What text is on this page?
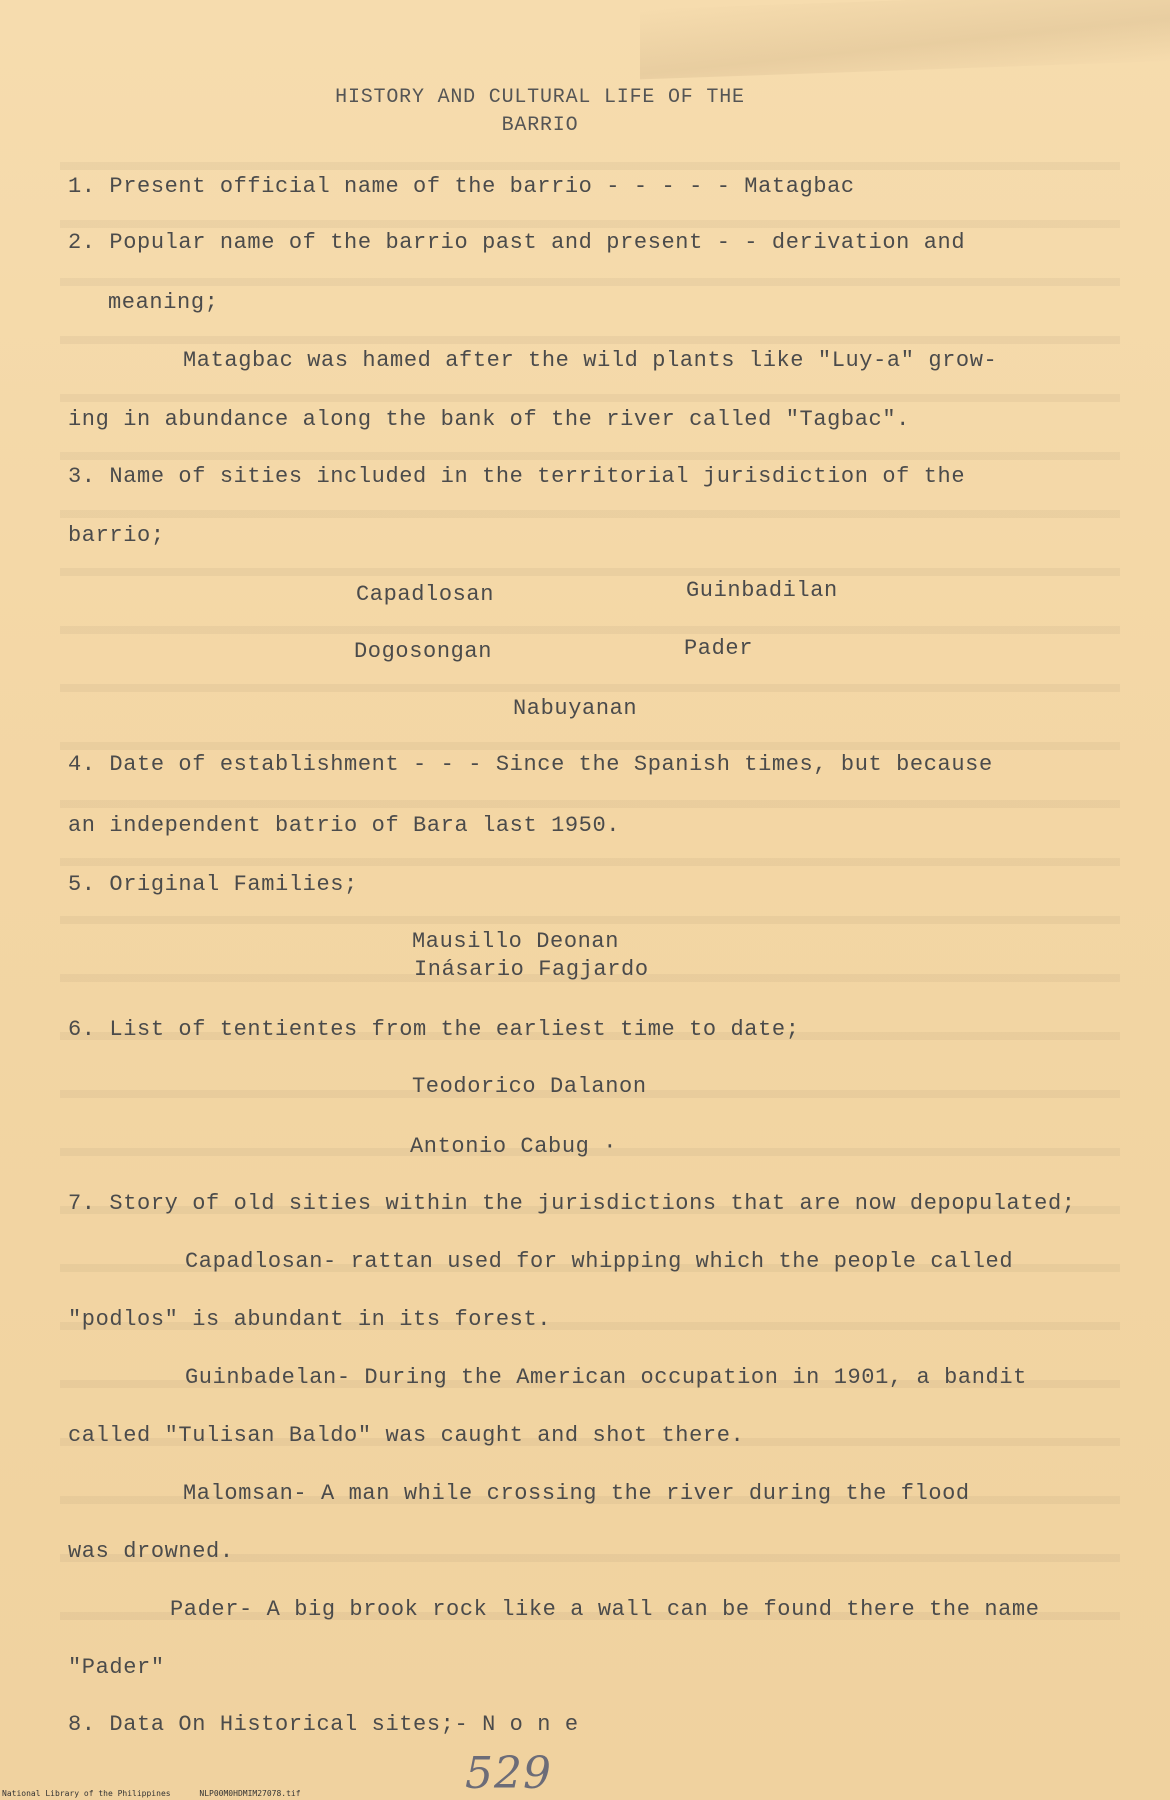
HISTORY AND CULTURAL LIFE OF THE
BARRIO
1. Present official name of the barrio - - - - - Matagbac
2. Popular name of the barrio past and present - - derivation and
meaning;
Matagbac was hamed after the wild plants like "Luy-a" grow-
ing in abundance along the bank of the river called "Tagbac".
3. Name of sities included in the territorial jurisdiction of the
barrio;
Capadlosan	Guinbadilan
Dogosongan	Pader
Nabuyanan
4. Date of establishment - - - Since the Spanish times, but because
an independent batrio of Bara last 1950.
5. Original Families;
Mausillo Deonan
Inásario Fagjardo
6. List of tentientes from the earliest time to date;
Teodorico Dalanon
Antonio Cabug ·
7. Story of old sities within the jurisdictions that are now depopulated;
Capadlosan- rattan used for whipping which the people called
"podlos" is abundant in its forest.
Guinbadelan- During the American occupation in 1901, a bandit
called "Tulisan Baldo" was caught and shot there.
Malomsan- A man while crossing the river during the flood
was drowned.
Pader- A big brook rock like a wall can be found there the name
"Pader"
8. Data On Historical sites;- N o n e
529
National Library of the Philippines	NLP00M0HDMIM27078.tif
